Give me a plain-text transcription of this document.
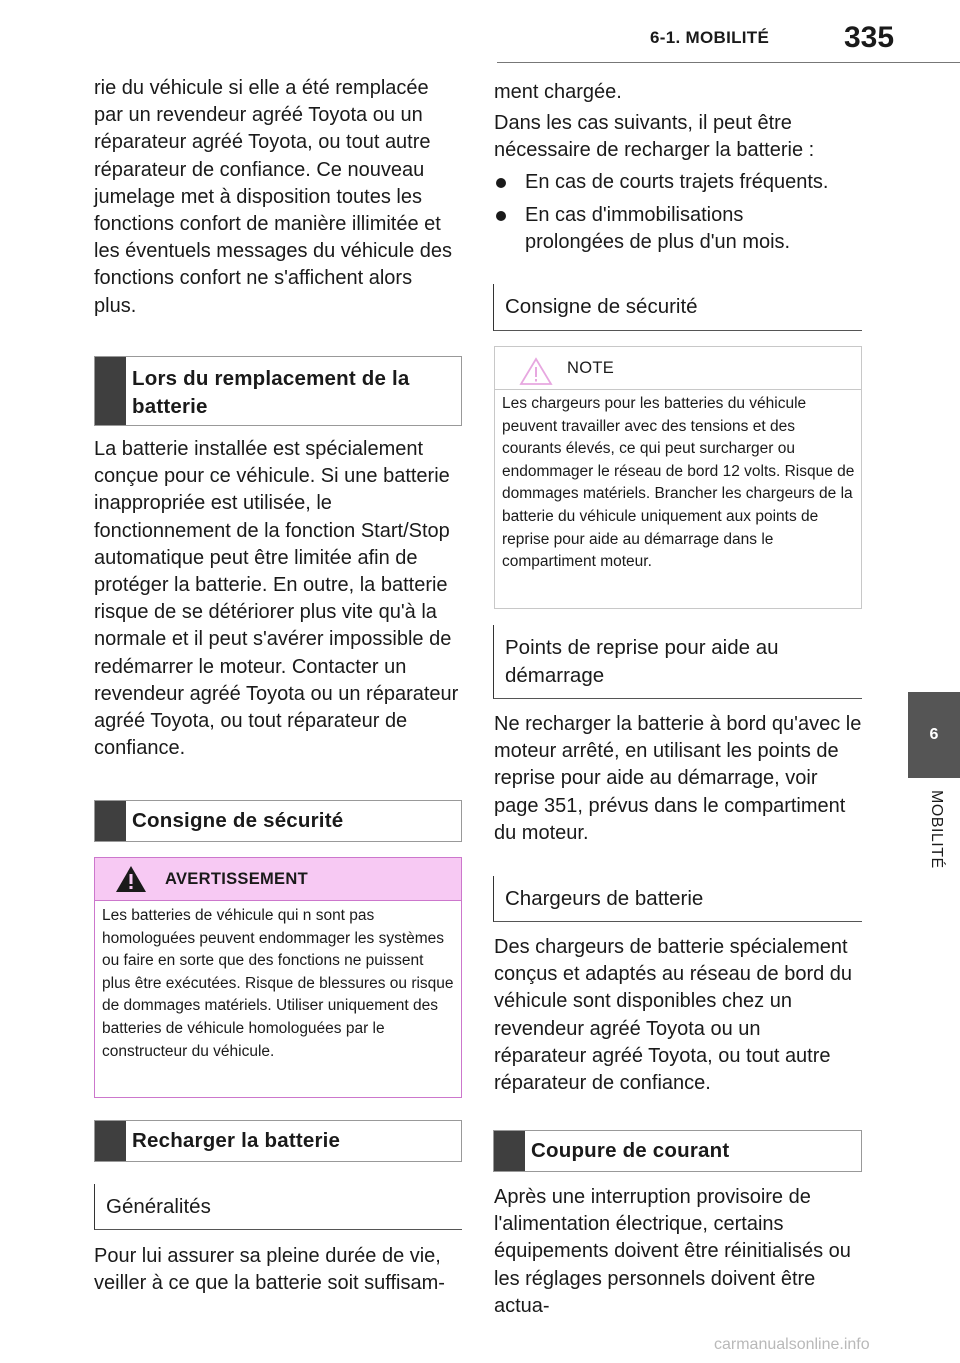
6-1. MOBILITÉ 335
6
MOBILITÉ

rie du véhicule si elle a été remplacée par un revendeur agréé Toyota ou un réparateur agréé Toyota, ou tout autre réparateur de confiance. Ce nouveau jumelage met à disposition toutes les fonctions confort de manière illimitée et les éventuels messages du véhicule des fonctions confort ne s'affichent alors plus.

Lors du remplacement de la batterie

La batterie installée est spécialement conçue pour ce véhicule. Si une batterie inappropriée est utilisée, le fonctionnement de la fonction Start/Stop automatique peut être limitée afin de protéger la batterie. En outre, la batterie risque de se détériorer plus vite qu'à la normale et il peut s'avérer impossible de redémarrer le moteur. Contacter un revendeur agréé Toyota ou un réparateur agréé Toyota, ou tout réparateur de confiance.

Consigne de sécurité
AVERTISSEMENT
Les batteries de véhicule qui n sont pas homologuées peuvent endommager les systèmes ou faire en sorte que des fonctions ne puissent plus être exécutées. Risque de blessures ou risque de dommages matériels. Utiliser uniquement des batteries de véhicule homologuées par le constructeur du véhicule.
Recharger la batterie
Généralités

Pour lui assurer sa pleine durée de vie, veiller à ce que la batterie soit suffisam-

ment chargée.

Dans les cas suivants, il peut être nécessaire de recharger la batterie :

En cas de courts trajets fréquents.
En cas d'immobilisations prolongées de plus d'un mois.
Consigne de sécurité
NOTE
Les chargeurs pour les batteries du véhicule peuvent travailler avec des tensions et des courants élevés, ce qui peut surcharger ou endommager le réseau de bord 12 volts. Risque de dommages matériels. Brancher les chargeurs de la batterie du véhicule uniquement aux points de reprise pour aide au démarrage dans le compartiment moteur.
Points de reprise pour aide au démarrage

Ne recharger la batterie à bord qu'avec le moteur arrêté, en utilisant les points de reprise pour aide au démarrage, voir page 351, prévus dans le compartiment du moteur.

Chargeurs de batterie

Des chargeurs de batterie spécialement conçus et adaptés au réseau de bord du véhicule sont disponibles chez un revendeur agréé Toyota ou un réparateur agréé Toyota, ou tout autre réparateur de confiance.

Coupure de courant

Après une interruption provisoire de l'alimentation électrique, certains équipements doivent être réinitialisés ou les réglages personnels doivent être actua-

carmanualsonline.info
